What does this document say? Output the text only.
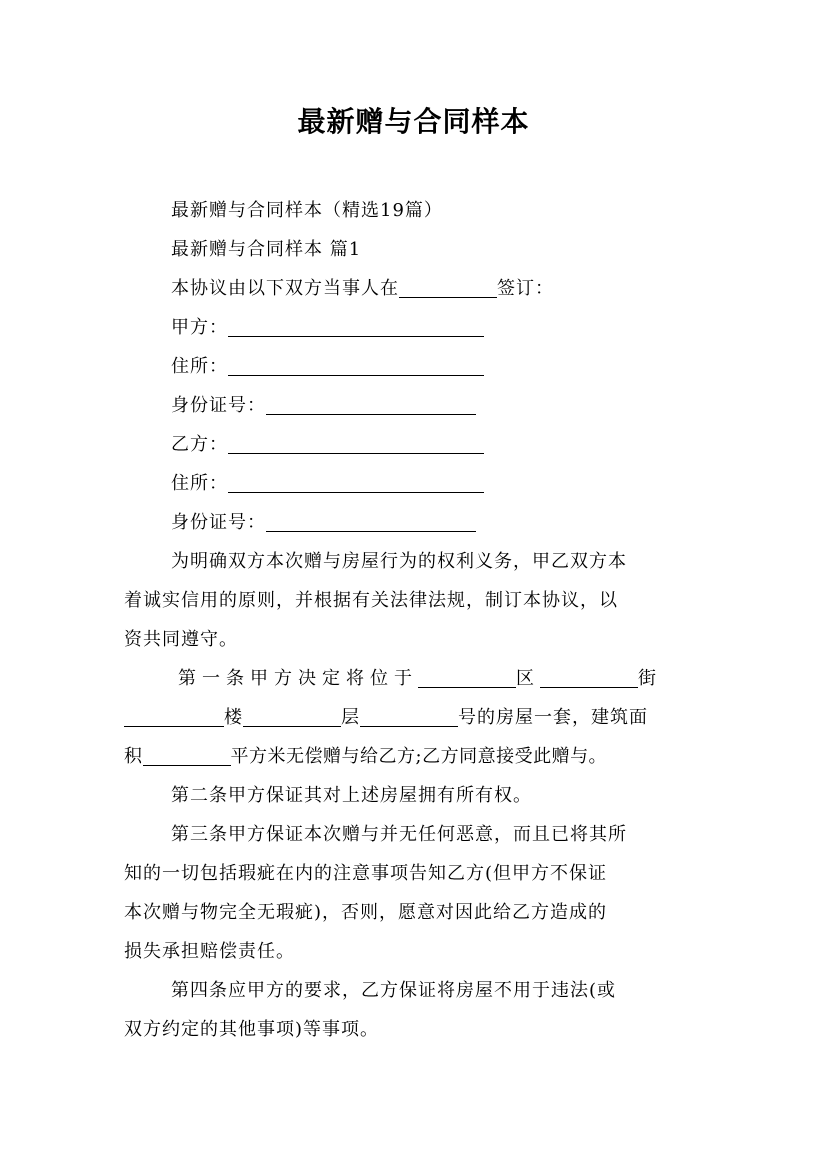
最新赠与合同样本
最新赠与合同样本（精选19篇）
最新赠与合同样本 篇1
本协议由以下双方当事人在	签订：
甲方：
住所：
身份证号：
乙方：
住所：
身份证号：
为明确双方本次赠与房屋行为的权利义务，甲乙双方本
着诚实信用的原则，并根据有关法律法规，制订本协议，以
资共同遵守。
第一条甲方决定将位于	区	街
楼	层	号的房屋一套，建筑面
积	平方米无偿赠与给乙方;乙方同意接受此赠与。
第二条甲方保证其对上述房屋拥有所有权。
第三条甲方保证本次赠与并无任何恶意，而且已将其所
知的一切包括瑕疵在内的注意事项告知乙方(但甲方不保证
本次赠与物完全无瑕疵)，否则，愿意对因此给乙方造成的
损失承担赔偿责任。
第四条应甲方的要求，乙方保证将房屋不用于违法(或
双方约定的其他事项)等事项。
